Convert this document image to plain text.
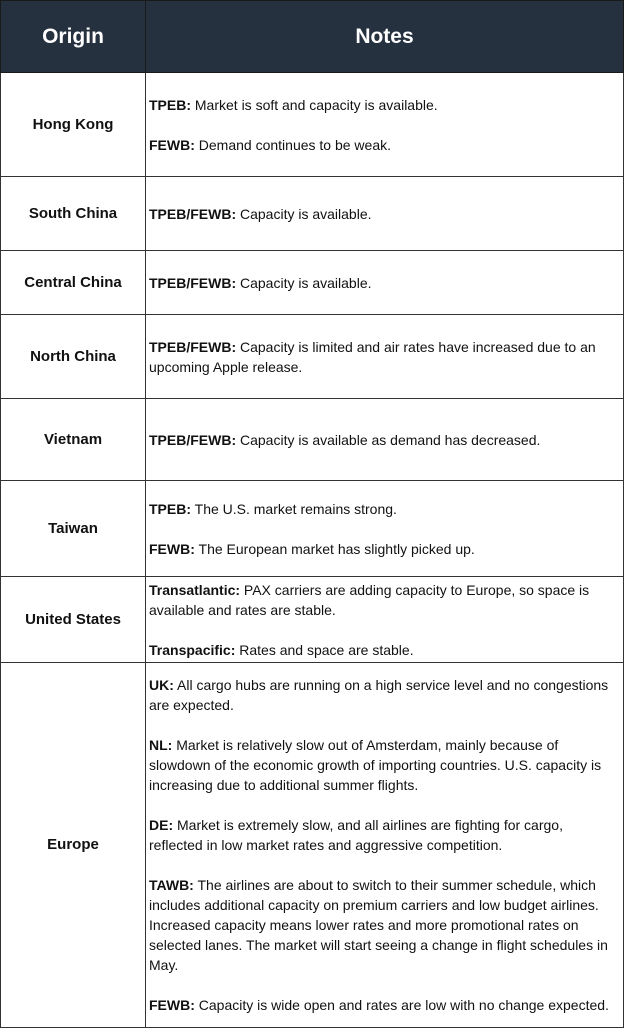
Origin	Notes
Hong Kong	TPEB: Market is soft and capacity is available.

FEWB: Demand continues to be weak.

South China	TPEB/FEWB: Capacity is available.

Central China	TPEB/FEWB: Capacity is available.

North China	TPEB/FEWB: Capacity is limited and air rates have increased due to an upcoming Apple release.

Vietnam	TPEB/FEWB: Capacity is available as demand has decreased.

Taiwan	TPEB: The U.S. market remains strong.

FEWB: The European market has slightly picked up.

United States	Transatlantic: PAX carriers are adding capacity to Europe, so space is available and rates are stable.

Transpacific: Rates and space are stable.

Europe	UK: All cargo hubs are running on a high service level and no congestions are expected.

NL: Market is relatively slow out of Amsterdam, mainly because of slowdown of the economic growth of importing countries. U.S. capacity is increasing due to additional summer flights.

DE: Market is extremely slow, and all airlines are fighting for cargo, reflected in low market rates and aggressive competition.

TAWB: The airlines are about to switch to their summer schedule, which includes additional capacity on premium carriers and low budget airlines. Increased capacity means lower rates and more promotional rates on selected lanes. The market will start seeing a change in flight schedules in May.

FEWB: Capacity is wide open and rates are low with no change expected.
